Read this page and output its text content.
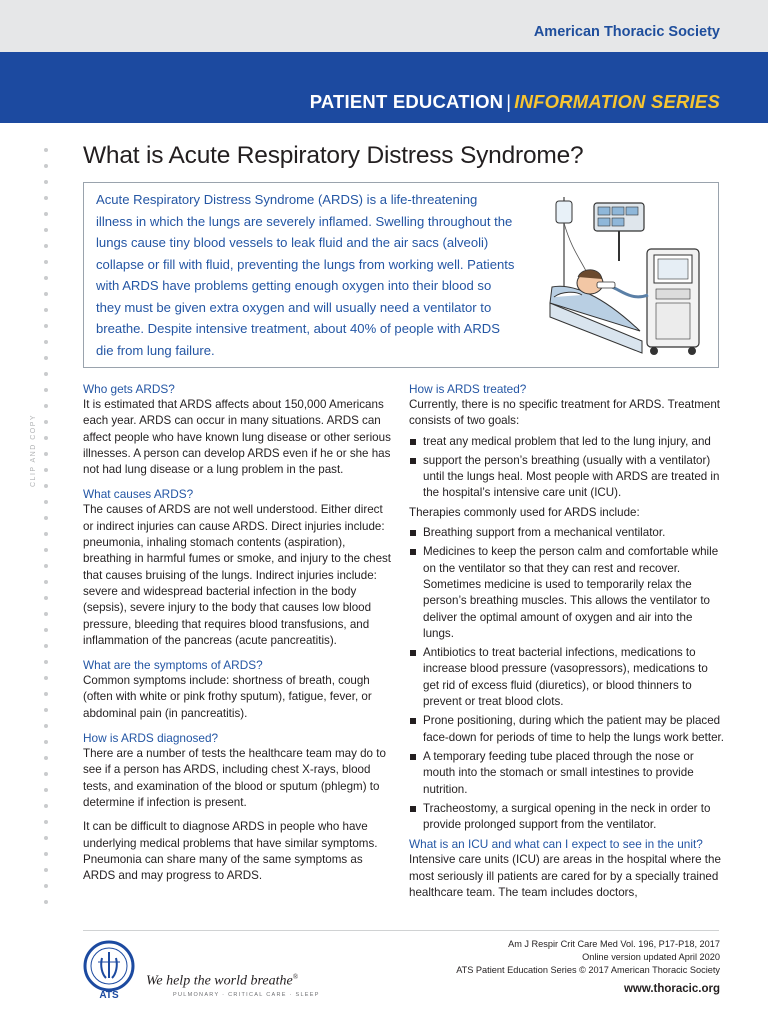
American Thoracic Society
PATIENT EDUCATION | INFORMATION SERIES
CLIP AND COPY
What is Acute Respiratory Distress Syndrome?
Acute Respiratory Distress Syndrome (ARDS) is a life-threatening illness in which the lungs are severely inflamed. Swelling throughout the lungs cause tiny blood vessels to leak fluid and the air sacs (alveoli) collapse or fill with fluid, preventing the lungs from working well. Patients with ARDS have problems getting enough oxygen into their blood so they must be given extra oxygen and will usually need a ventilator to breathe. Despite intensive treatment, about 40% of people with ARDS die from lung failure.
Who gets ARDS?

It is estimated that ARDS affects about 150,000 Americans each year. ARDS can occur in many situations. ARDS can affect people who have known lung disease or other serious illnesses. A person can develop ARDS even if he or she has not had lung disease or a lung problem in the past.

What causes ARDS?

The causes of ARDS are not well understood. Either direct or indirect injuries can cause ARDS. Direct injuries include: pneumonia, inhaling stomach contents (aspiration), breathing in harmful fumes or smoke, and injury to the chest that causes bruising of the lungs. Indirect injuries include: severe and widespread bacterial infection in the body (sepsis), severe injury to the body that causes low blood pressure, bleeding that requires blood transfusions, and inflammation of the pancreas (acute pancreatitis).

What are the symptoms of ARDS?

Common symptoms include: shortness of breath, cough (often with white or pink frothy sputum), fatigue, fever, or abdominal pain (in pancreatitis).

How is ARDS diagnosed?

There are a number of tests the healthcare team may do to see if a person has ARDS, including chest X-rays, blood tests, and examination of the blood or sputum (phlegm) to determine if infection is present.

It can be difficult to diagnose ARDS in people who have underlying medical problems that have similar symptoms. Pneumonia can share many of the same symptoms as ARDS and may progress to ARDS.

How is ARDS treated?

Currently, there is no specific treatment for ARDS. Treatment consists of two goals:

treat any medical problem that led to the lung injury, and
support the person’s breathing (usually with a ventilator) until the lungs heal. Most people with ARDS are treated in the hospital’s intensive care unit (ICU).

Therapies commonly used for ARDS include:

Breathing support from a mechanical ventilator.
Medicines to keep the person calm and comfortable while on the ventilator so that they can rest and recover. Sometimes medicine is used to temporarily relax the person’s breathing muscles. This allows the ventilator to deliver the optimal amount of oxygen and air into the lungs.
Antibiotics to treat bacterial infections, medications to increase blood pressure (vasopressors), medications to get rid of excess fluid (diuretics), or blood thinners to prevent or treat blood clots.
Prone positioning, during which the patient may be placed face-down for periods of time to help the lungs work better.
A temporary feeding tube placed through the nose or mouth into the stomach or small intestines to provide nutrition.
Tracheostomy, a surgical opening in the neck in order to provide prolonged support from the ventilator.
What is an ICU and what can I expect to see in the unit?

Intensive care units (ICU) are areas in the hospital where the most seriously ill patients are cared for by a specially trained healthcare team. The team includes doctors,

ATS
We help the world breathe®
PULMONARY · CRITICAL CARE · SLEEP
Am J Respir Crit Care Med Vol. 196, P17-P18, 2017
Online version updated April 2020
ATS Patient Education Series © 2017 American Thoracic Society
www.thoracic.org
